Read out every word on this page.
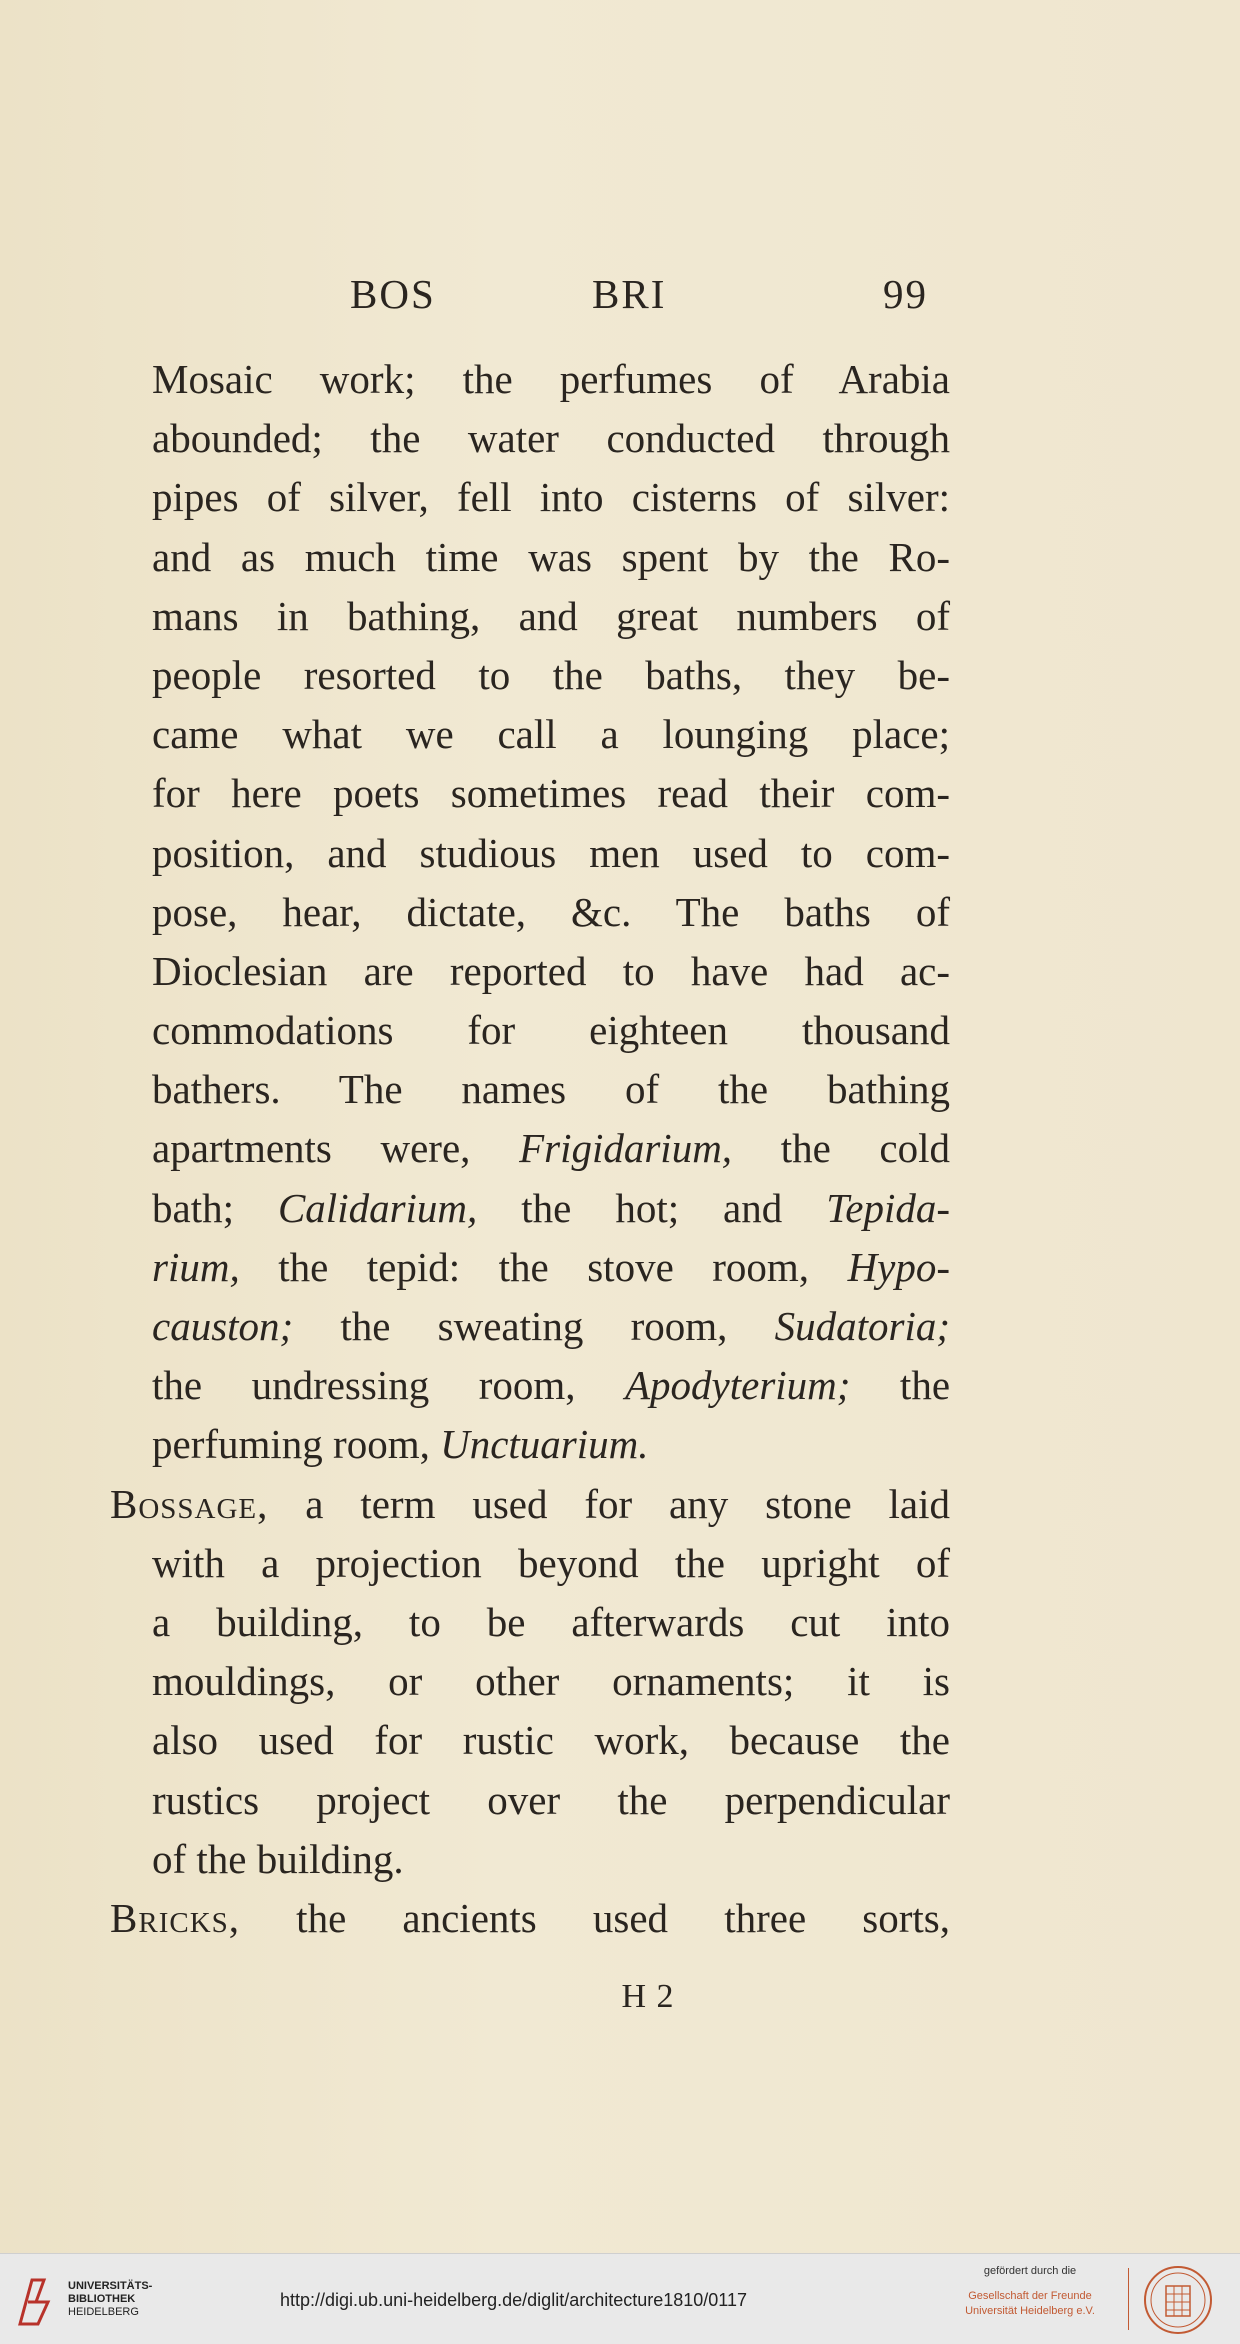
BOS	BRI	99
Mosaic work; the perfumes of Arabia
abounded; the water conducted through
pipes of silver, fell into cisterns of silver:
and as much time was spent by the Ro-
mans in bathing, and great numbers of
people resorted to the baths, they be-
came what we call a lounging place;
for here poets sometimes read their com-
position, and studious men used to com-
pose, hear, dictate, &c. The baths of
Dioclesian are reported to have had ac-
commodations for eighteen thousand
bathers. The names of the bathing
apartments were, Frigidarium, the cold
bath; Calidarium, the hot; and Tepida-
rium, the tepid: the stove room, Hypo-
causton; the sweating room, Sudatoria;
the undressing room, Apodyterium; the
perfuming room, Unctuarium.
Bossage, a term used for any stone laid
with a projection beyond the upright of
a building, to be afterwards cut into
mouldings, or other ornaments; it is
also used for rustic work, because the
rustics project over the perpendicular
of the building.
Bricks, the ancients used three sorts,
H 2
UNIVERSITÄTS-
BIBLIOTHEK
HEIDELBERG
http://digi.ub.uni-heidelberg.de/diglit/architecture1810/0117
gefördert durch die
Gesellschaft der Freunde
Universität Heidelberg e.V.
